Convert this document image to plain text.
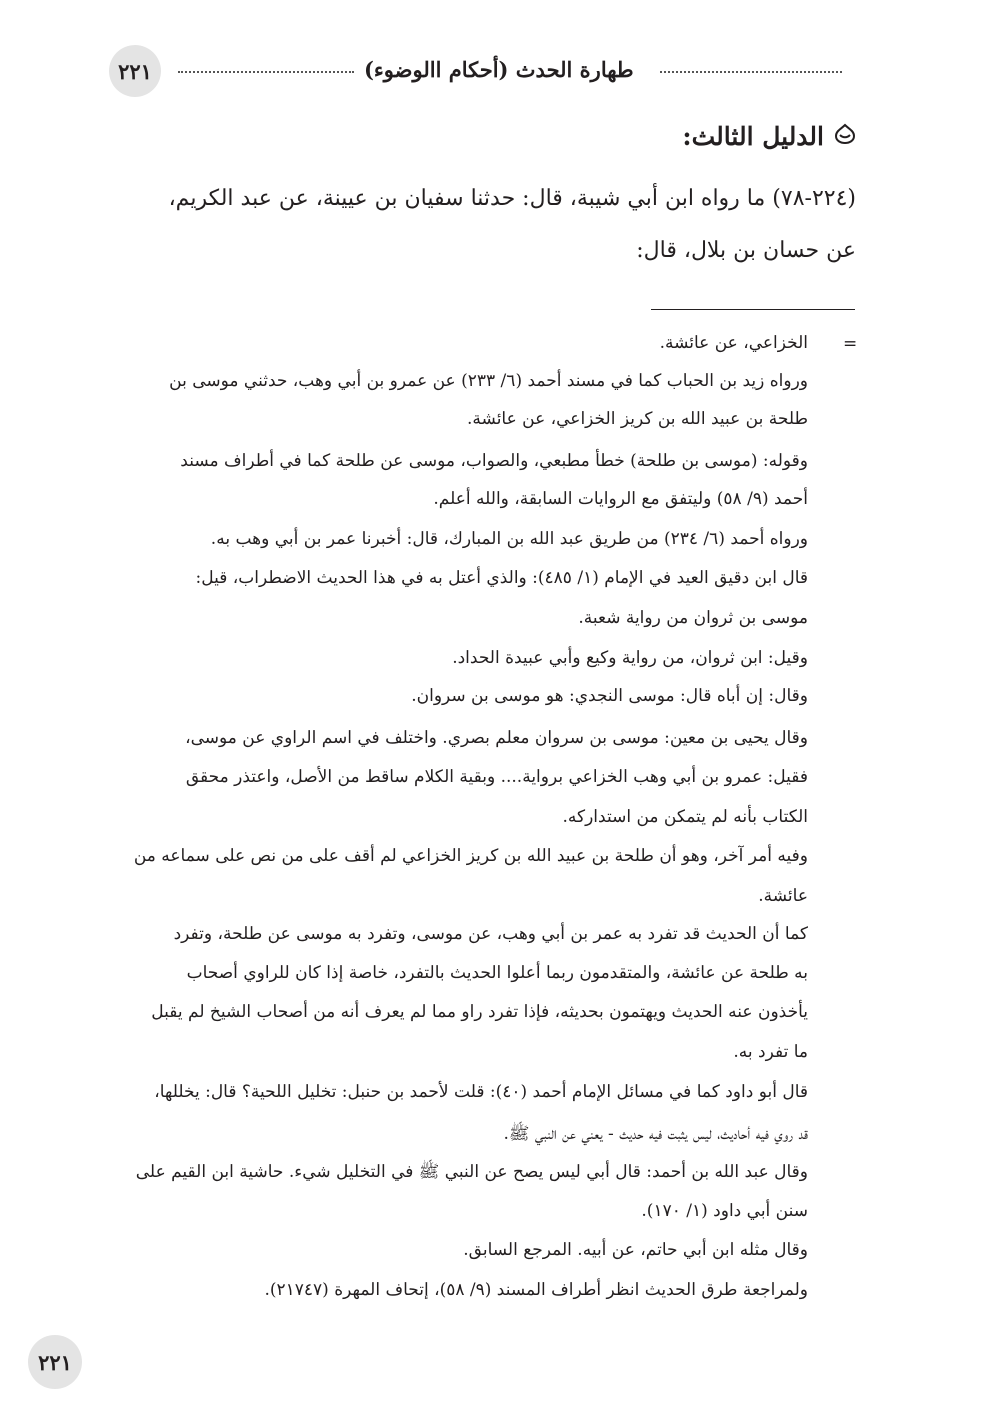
٢٢١	طهارة الحدث (أحكام االوضوء)
الدليل الثالث:
(٢٢٤-٧٨) ما رواه ابن أبي شيبة، قال: حدثنا سفيان بن عيينة، عن عبد الكريم،
عن حسان بن بلال، قال:
=
الخزاعي، عن عائشة.
ورواه زيد بن الحباب كما في مسند أحمد (٦/ ٢٣٣) عن عمرو بن أبي وهب، حدثني موسى بن
طلحة بن عبيد الله بن كريز الخزاعي، عن عائشة.
وقوله: (موسى بن طلحة) خطأ مطبعي، والصواب، موسى عن طلحة كما في أطراف مسند
أحمد (٩/ ٥٨) وليتفق مع الروايات السابقة، والله أعلم.
ورواه أحمد (٦/ ٢٣٤) من طريق عبد الله بن المبارك، قال: أخبرنا عمر بن أبي وهب به.
قال ابن دقيق العيد في الإمام (١/ ٤٨٥): والذي أعتل به في هذا الحديث الاضطراب، قيل:
موسى بن ثروان من رواية شعبة.
وقيل: ابن ثروان، من رواية وكيع وأبي عبيدة الحداد.
وقال: إن أباه قال: موسى النجدي: هو موسى بن سروان.
وقال يحيى بن معين: موسى بن سروان معلم بصري. واختلف في اسم الراوي عن موسى،
فقيل: عمرو بن أبي وهب الخزاعي برواية.... وبقية الكلام ساقط من الأصل، واعتذر محقق
الكتاب بأنه لم يتمكن من استداركه.
وفيه أمر آخر، وهو أن طلحة بن عبيد الله بن كريز الخزاعي لم أقف على من نص على سماعه من
عائشة.
كما أن الحديث قد تفرد به عمر بن أبي وهب، عن موسى، وتفرد به موسى عن طلحة، وتفرد
به طلحة عن عائشة، والمتقدمون ربما أعلوا الحديث بالتفرد، خاصة إذا كان للراوي أصحاب
يأخذون عنه الحديث ويهتمون بحديثه، فإذا تفرد راو مما لم يعرف أنه من أصحاب الشيخ لم يقبل
ما تفرد به.
قال أبو داود كما في مسائل الإمام أحمد (٤٠): قلت لأحمد بن حنبل: تخليل اللحية؟ قال: يخللها،
قد روي فيه أحاديث، ليس يثبت فيه حديث - يعني عن النبي ﷺ.
وقال عبد الله بن أحمد: قال أبي ليس يصح عن النبي ﷺ في التخليل شيء. حاشية ابن القيم على
سنن أبي داود (١/ ١٧٠).
وقال مثله ابن أبي حاتم، عن أبيه. المرجع السابق.
ولمراجعة طرق الحديث انظر أطراف المسند (٩/ ٥٨)، إتحاف المهرة (٢١٧٤٧).
٢٢١
